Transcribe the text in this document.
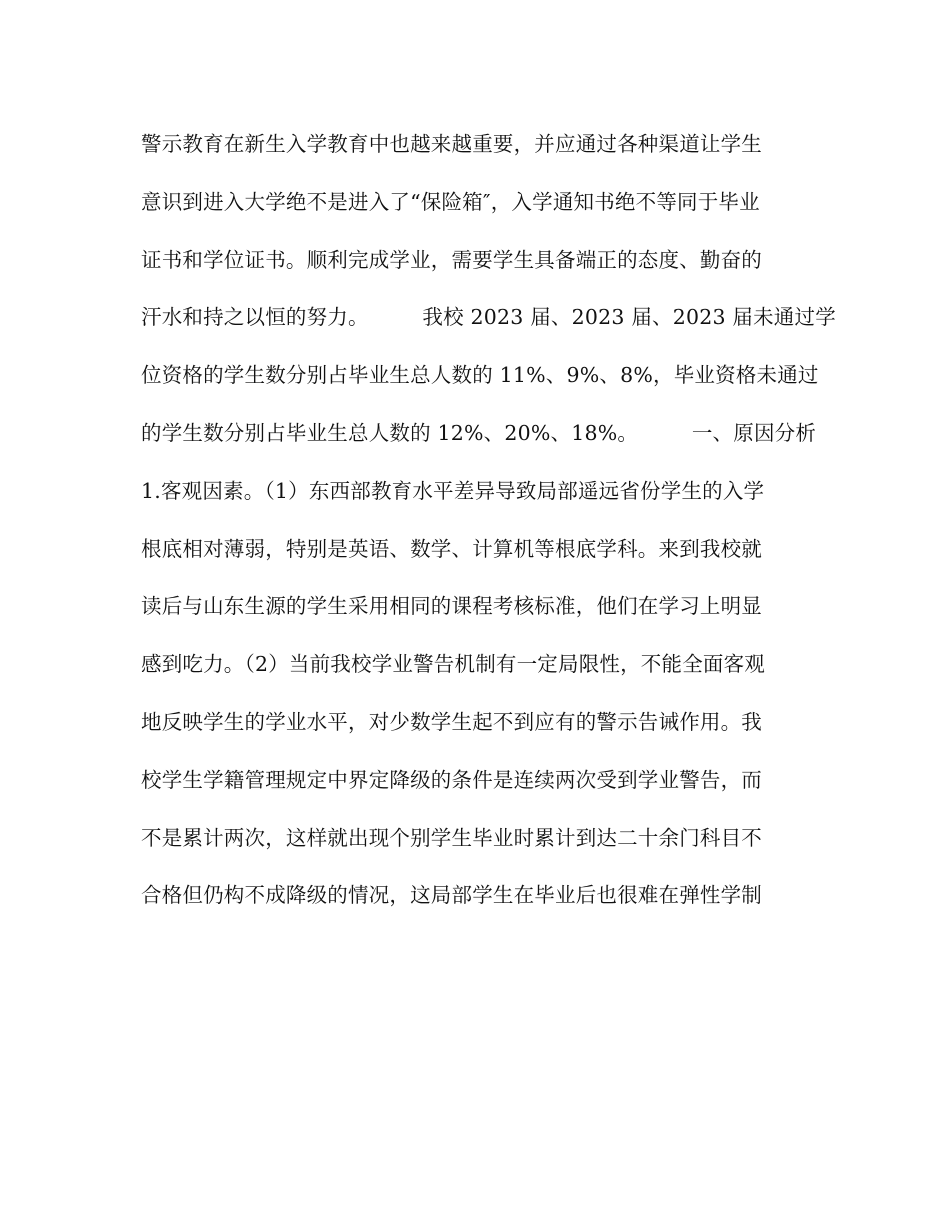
警示教育在新生入学教育中也越来越重要，并应通过各种渠道让学生
意识到进入大学绝不是进入了“保险箱″，入学通知书绝不等同于毕业
证书和学位证书。顺利完成学业，需要学生具备端正的态度、勤奋的
汗水和持之以恒的努力。        我校 2023 届、2023 届、2023 届未通过学
位资格的学生数分别占毕业生总人数的 11%、9%、8%，毕业资格未通过
的学生数分别占毕业生总人数的 12%、20%、18%。        一、原因分析
1.客观因素。（1）东西部教育水平差异导致局部遥远省份学生的入学
根底相对薄弱，特别是英语、数学、计算机等根底学科。来到我校就
读后与山东生源的学生采用相同的课程考核标准，他们在学习上明显
感到吃力。（2）当前我校学业警告机制有一定局限性，不能全面客观
地反映学生的学业水平，对少数学生起不到应有的警示告诫作用。我
校学生学籍管理规定中界定降级的条件是连续两次受到学业警告，而
不是累计两次，这样就出现个别学生毕业时累计到达二十余门科目不
合格但仍构不成降级的情况，这局部学生在毕业后也很难在弹性学制
